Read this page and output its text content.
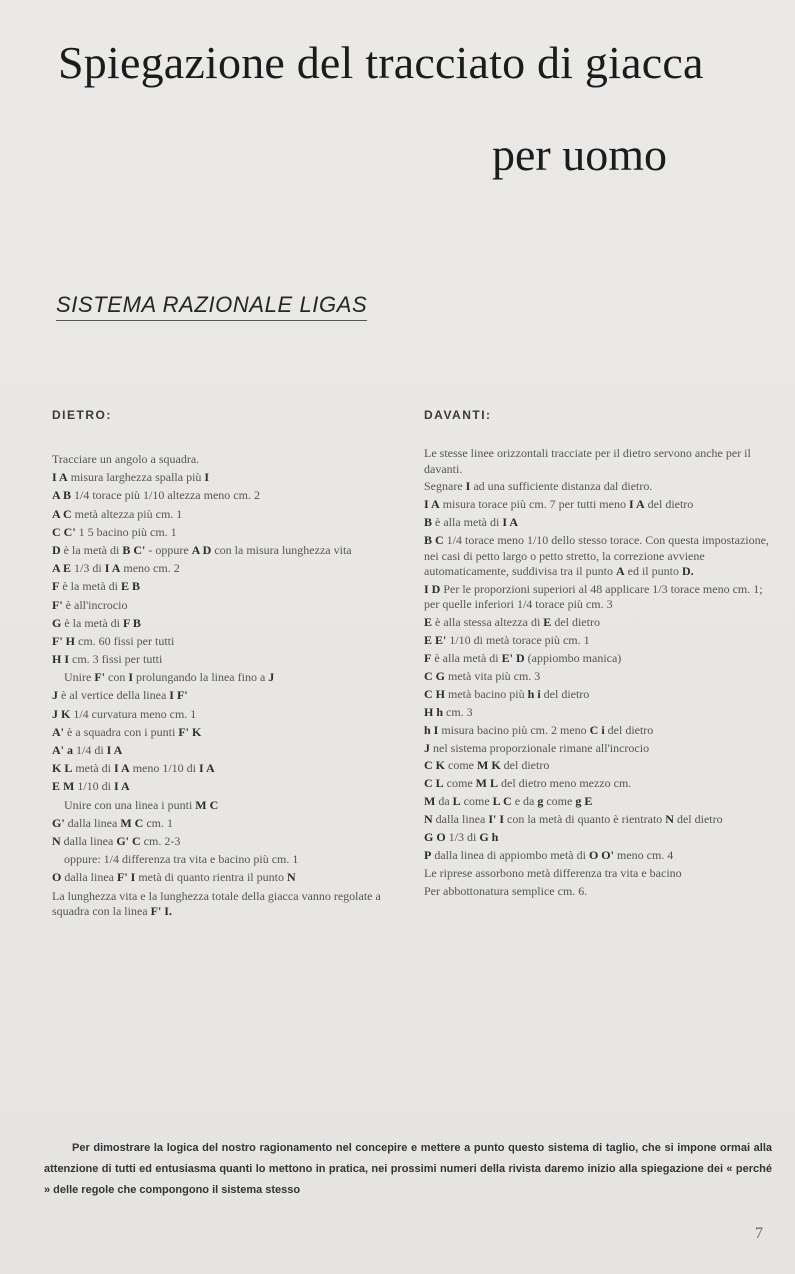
Spiegazione del tracciato di giacca
per uomo
SISTEMA RAZIONALE LIGAS
DIETRO:
Tracciare un angolo a squadra.
I A misura larghezza spalla più I
A B 1/4 torace più 1/10 altezza meno cm. 2
A C metà altezza più cm. 1
C C' 1 5 bacino più cm. 1
D è la metà di B C' - oppure A D con la misura lunghezza vita
A E 1/3 di I A meno cm. 2
F è la metà di E B
F' è all'incrocio
G è la metà di F B
F' H cm. 60 fissi per tutti
H I cm. 3 fissi per tutti
Unire F' con I prolungando la linea fino a J
J è al vertice della linea I F'
J K 1/4 curvatura meno cm. 1
A' è a squadra con i punti F' K
A' a 1/4 di I A
K L metà di I A meno 1/10 di I A
E M 1/10 di I A
Unire con una linea i punti M C
G' dalla linea M C cm. 1
N dalla linea G' C cm. 2-3
oppure: 1/4 differenza tra vita e bacino più cm. 1
O dalla linea F' I metà di quanto rientra il punto N
La lunghezza vita e la lunghezza totale della giacca vanno regolate a squadra con la linea F' I.
DAVANTI:
Le stesse linee orizzontali tracciate per il dietro servono anche per il davanti.
Segnare I ad una sufficiente distanza dal dietro.
I A misura torace più cm. 7 per tutti meno I A del dietro
B è alla metà di I A
B C 1/4 torace meno 1/10 dello stesso torace. Con questa impostazione, nei casi di petto largo o petto stretto, la correzione avviene automaticamente, suddivisa tra il punto A ed il punto D.
I D Per le proporzioni superiori al 48 applicare 1/3 torace meno cm. 1; per quelle inferiori 1/4 torace più cm. 3
E è alla stessa altezza di E del dietro
E E' 1/10 di metà torace più cm. 1
F è alla metà di E' D (appiombo manica)
C G metà vita più cm. 3
C H metà bacino più h i del dietro
H h cm. 3
h I misura bacino più cm. 2 meno C i del dietro
J nel sistema proporzionale rimane all'incrocio
C K come M K del dietro
C L come M L del dietro meno mezzo cm.
M da L come L C e da g come g E
N dalla linea I' I con la metà di quanto è rientrato N del dietro
G O 1/3 di G h
P dalla linea di appiombo metà di O O' meno cm. 4
Le riprese assorbono metà differenza tra vita e bacino
Per abbottonatura semplice cm. 6.
Per dimostrare la logica del nostro ragionamento nel concepire e mettere a punto questo sistema di taglio, che si impone ormai alla attenzione di tutti ed entusiasma quanti lo mettono in pratica, nei prossimi numeri della rivista daremo inizio alla spiegazione dei « perché » delle regole che compongono il sistema stesso
7
